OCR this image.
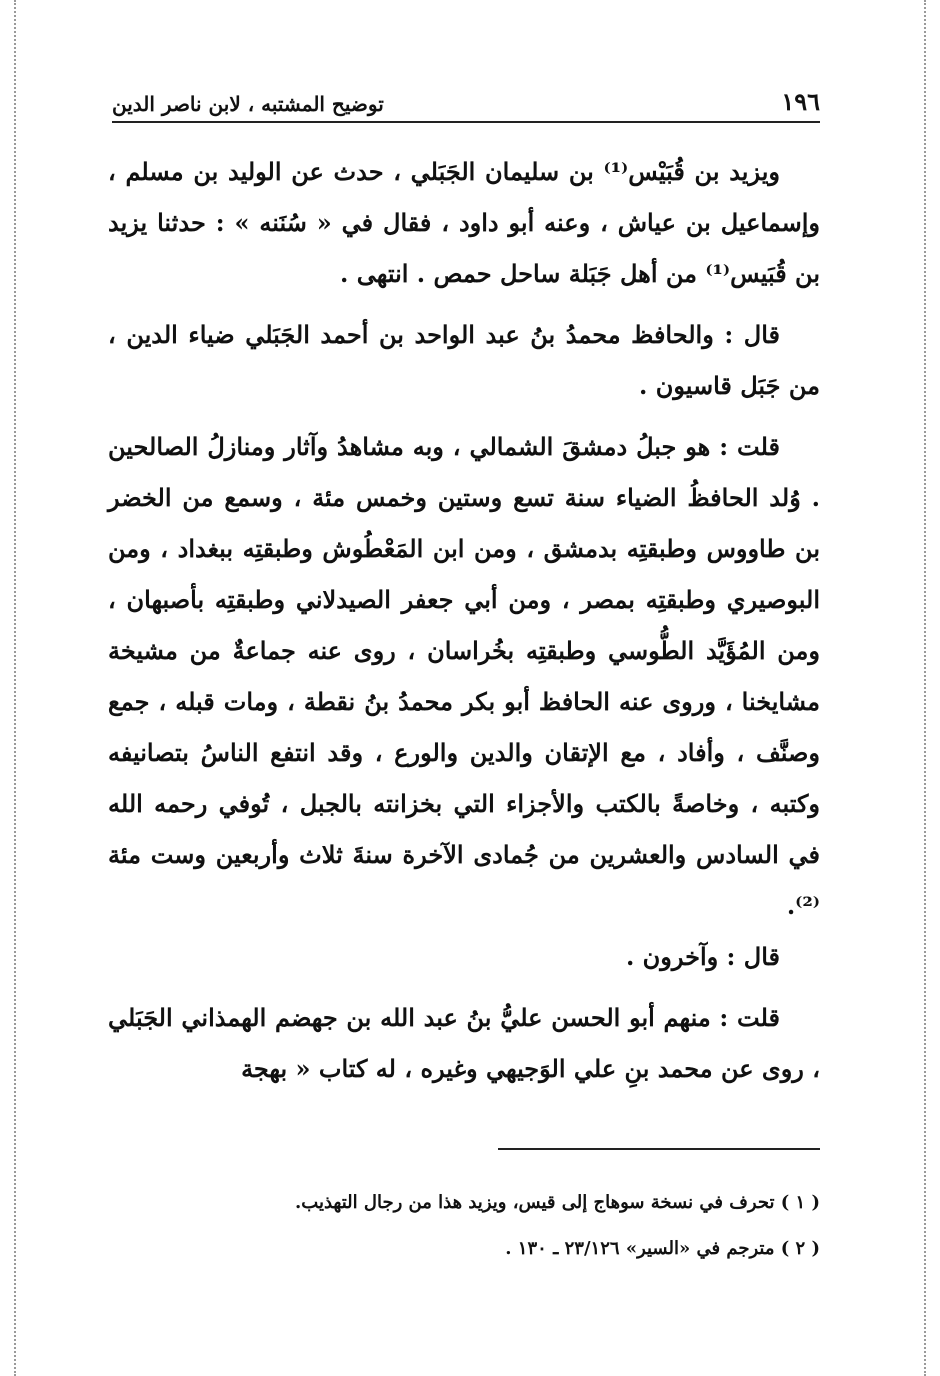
١٩٦
توضيح المشتبه ، لابن ناصر الدين

ويزيد بن قُبَيْس⁽¹⁾ بن سليمان الجَبَلي ، حدث عن الوليد بن مسلم ، وإسماعيل بن عياش ، وعنه أبو داود ، فقال في « سُنَنه » : حدثنا يزيد بن قُبَيس⁽¹⁾ من أهل جَبَلة ساحل حمص . انتهى .

قال : والحافظ محمدُ بنُ عبد الواحد بن أحمد الجَبَلي ضياء الدين ، من جَبَل قاسيون .

قلت : هو جبلُ دمشقَ الشمالي ، وبه مشاهدُ وآثار ومنازلُ الصالحين . وُلد الحافظُ الضياء سنة تسع وستين وخمس مئة ، وسمع من الخضر بن طاووس وطبقتِه بدمشق ، ومن ابن المَعْطُوش وطبقتِه ببغداد ، ومن البوصيري وطبقتِه بمصر ، ومن أبي جعفر الصيدلاني وطبقتِه بأصبهان ، ومن المُؤَيَّد الطُّوسي وطبقتِه بخُراسان ، روى عنه جماعةٌ من مشيخة مشايخنا ، وروى عنه الحافظ أبو بكر محمدُ بنُ نقطة ، ومات قبله ، جمع وصنَّف ، وأفاد ، مع الإتقان والدين والورع ، وقد انتفع الناسُ بتصانيفه وكتبه ، وخاصةً بالكتب والأجزاء التي بخزانته بالجبل ، تُوفي رحمه الله في السادس والعشرين من جُمادى الآخرة سنةَ ثلاث وأربعين وست مئة ⁽²⁾.

قال : وآخرون .

قلت : منهم أبو الحسن عليُّ بنُ عبد الله بن جهضم الهمذاني الجَبَلي ، روى عن محمد بنِ علي الوَجيهي وغيره ، له كتاب « بهجة

( ١ ) تحرف في نسخة سوهاج إلى قيس، ويزيد هذا من رجال التهذيب.
( ٢ ) مترجم في «السير» ٢٣/١٢٦ ـ ١٣٠ .
